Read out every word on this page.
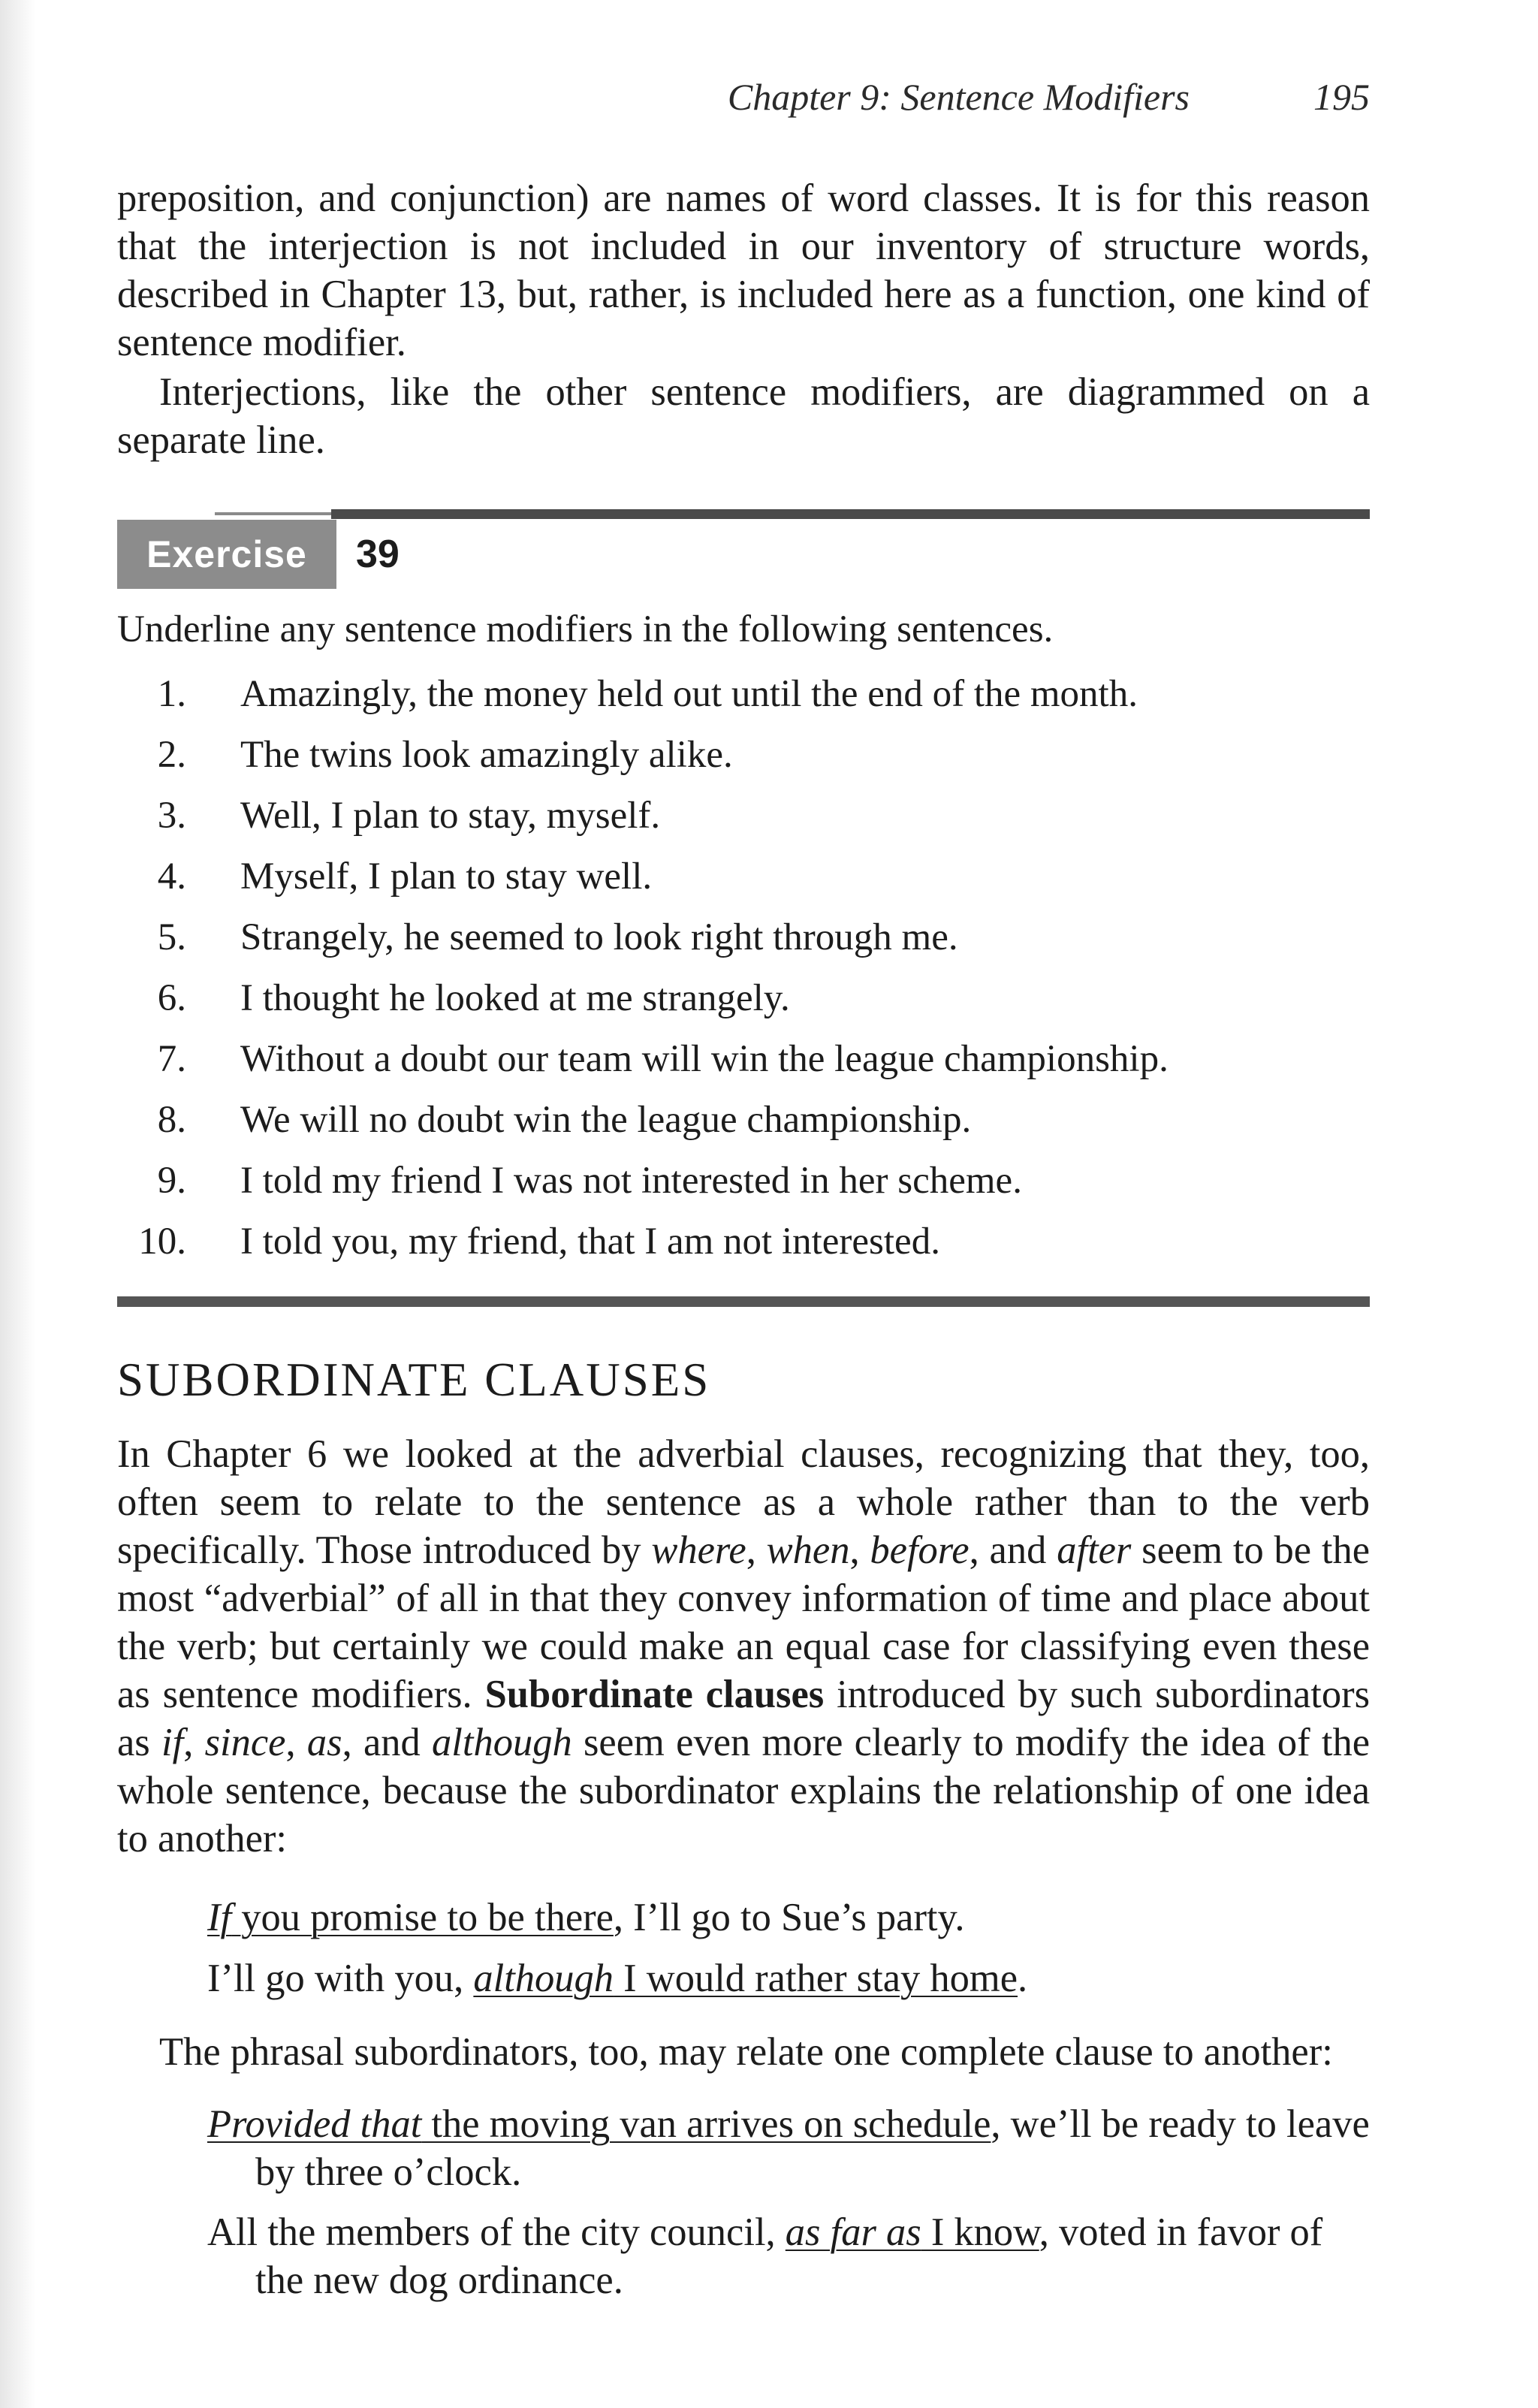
Chapter 9: Sentence Modifiers	195

preposition, and conjunction) are names of word classes. It is for this reason that the interjection is not included in our inventory of structure words, described in Chapter 13, but, rather, is included here as a function, one kind of sentence modifier.

Interjections, like the other sentence modifiers, are diagrammed on a separate line.

Exercise	39

Underline any sentence modifiers in the following sentences.

1. Amazingly, the money held out until the end of the month.
2. The twins look amazingly alike.
3. Well, I plan to stay, myself.
4. Myself, I plan to stay well.
5. Strangely, he seemed to look right through me.
6. I thought he looked at me strangely.
7. Without a doubt our team will win the league championship.
8. We will no doubt win the league championship.
9. I told my friend I was not interested in her scheme.
10. I told you, my friend, that I am not interested.
SUBORDINATE CLAUSES

In Chapter 6 we looked at the adverbial clauses, recognizing that they, too, often seem to relate to the sentence as a whole rather than to the verb specifically. Those introduced by where, when, before, and after seem to be the most “adverbial” of all in that they convey information of time and place about the verb; but certainly we could make an equal case for classifying even these as sentence modifiers. Subordinate clauses introduced by such subordinators as if, since, as, and although seem even more clearly to modify the idea of the whole sentence, because the subordinator explains the relationship of one idea to another:

If you promise to be there, I’ll go to Sue’s party.

I’ll go with you, although I would rather stay home.

The phrasal subordinators, too, may relate one complete clause to another:

Provided that the moving van arrives on schedule, we’ll be ready to leave by three o’clock.

All the members of the city council, as far as I know, voted in favor of the new dog ordinance.
